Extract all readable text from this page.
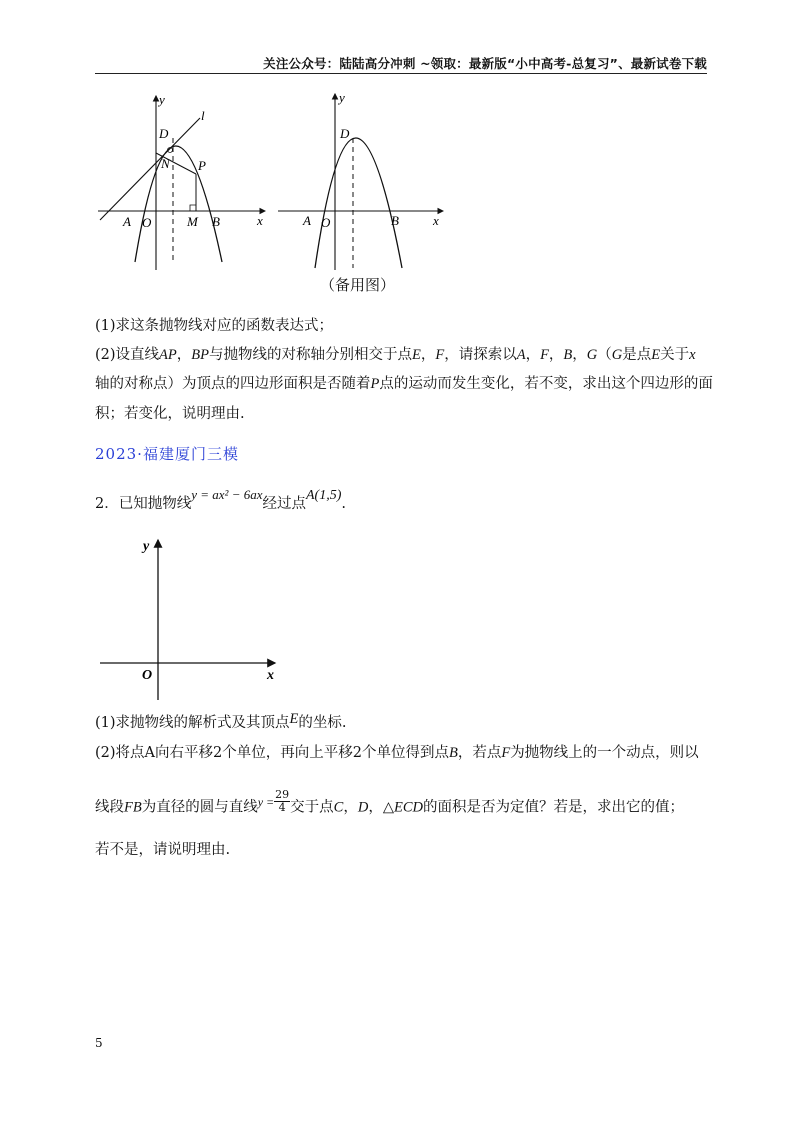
关注公众号：陆陆高分冲刺 ~领取：最新版“小中高考-总复习”、最新试卷下载
y
x
l
D
N P
A O	M B
y
x
D
A O	B
（备用图）
(1)求这条抛物线对应的函数表达式；
(2)设直线AP，BP与抛物线的对称轴分别相交于点E，F，请探索以A，F，B，G（G是点E关于x
轴的对称点）为顶点的四边形面积是否随着P点的运动而发生变化，若不变，求出这个四边形的面
积；若变化，说明理由.
2023·福建厦门三模
2．已知抛物线y = ax² − 6ax经过点A(1,5).
y
x
O
(1)求抛物线的解析式及其顶点E的坐标.
(2)将点A向右平移2个单位，再向上平移2个单位得到点B，若点F为抛物线上的一个动点，则以
线段FB为直径的圆与直线$^{y =} \frac{29}{4}$ 交于点C，D，△ECD的面积是否为定值？若是，求出它的值；
若不是，请说明理由.
5
